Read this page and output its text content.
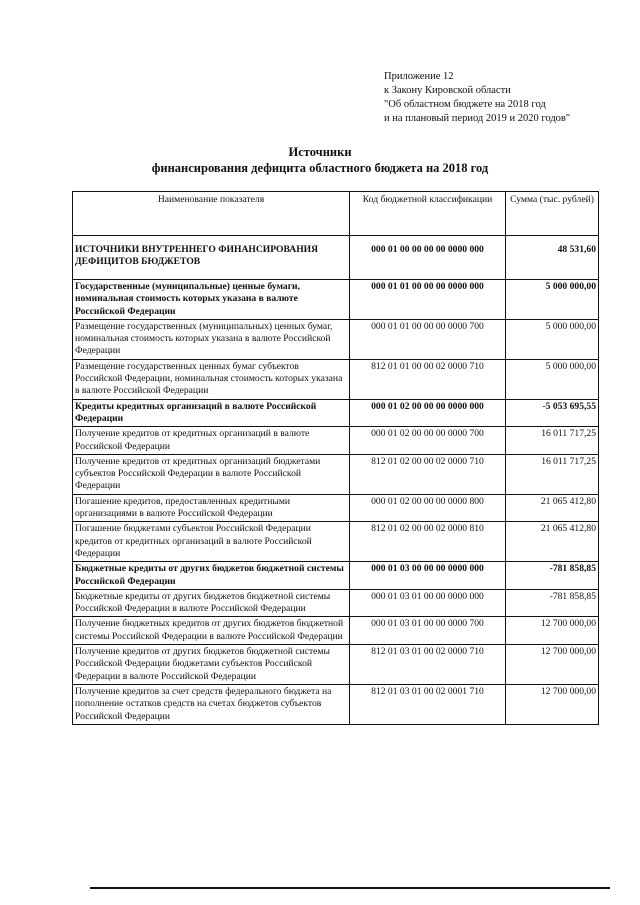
Приложение 12
к Закону Кировской области
"Об областном бюджете на 2018 год
и на плановый период 2019 и 2020 годов"
Источники
финансирования дефицита областного бюджета на 2018 год
Наименование показателя	Код бюджетной классификации	Сумма (тыс. рублей)
ИСТОЧНИКИ ВНУТРЕННЕГО ФИНАНСИРОВАНИЯ ДЕФИЦИТОВ БЮДЖЕТОВ	000 01 00 00 00 00 0000 000	48 531,60
Государственные (муниципальные) ценные бумаги, номинальная стоимость которых указана в валюте Российской Федерации	000 01 01 00 00 00 0000 000	5 000 000,00
Размещение государственных (муниципальных) ценных бумаг, номинальная стоимость которых указана в валюте Российской Федерации	000 01 01 00 00 00 0000 700	5 000 000,00
Размещение государственных ценных бумаг субъектов Российской Федерации, номинальная стоимость которых указана в валюте Российской Федерации	812 01 01 00 00 02 0000 710	5 000 000,00
Кредиты кредитных организаций в валюте Российской Федерации	000 01 02 00 00 00 0000 000	-5 053 695,55
Получение кредитов от кредитных организаций в валюте Российской Федерации	000 01 02 00 00 00 0000 700	16 011 717,25
Получение кредитов от кредитных организаций бюджетами субъектов Российской Федерации в валюте Российской Федерации	812 01 02 00 00 02 0000 710	16 011 717,25
Погашение кредитов, предоставленных кредитными организациями в валюте Российской Федерации	000 01 02 00 00 00 0000 800	21 065 412,80
Погашение бюджетами субъектов Российской Федерации кредитов от кредитных организаций в валюте Российской Федерации	812 01 02 00 00 02 0000 810	21 065 412,80
Бюджетные кредиты от других бюджетов бюджетной системы Российской Федерации	000 01 03 00 00 00 0000 000	-781 858,85
Бюджетные кредиты от других бюджетов бюджетной системы Российской Федерации в валюте Российской Федерации	000 01 03 01 00 00 0000 000	-781 858,85
Получение бюджетных кредитов от других бюджетов бюджетной системы Российской Федерации в валюте Российской Федерации	000 01 03 01 00 00 0000 700	12 700 000,00
Получение кредитов от других бюджетов бюджетной системы Российской Федерации бюджетами субъектов Российской Федерации в валюте Российской Федерации	812 01 03 01 00 02 0000 710	12 700 000,00
Получение кредитов за счет средств федерального бюджета на пополнение остатков средств на счетах бюджетов субъектов Российской Федерации	812 01 03 01 00 02 0001 710	12 700 000,00
